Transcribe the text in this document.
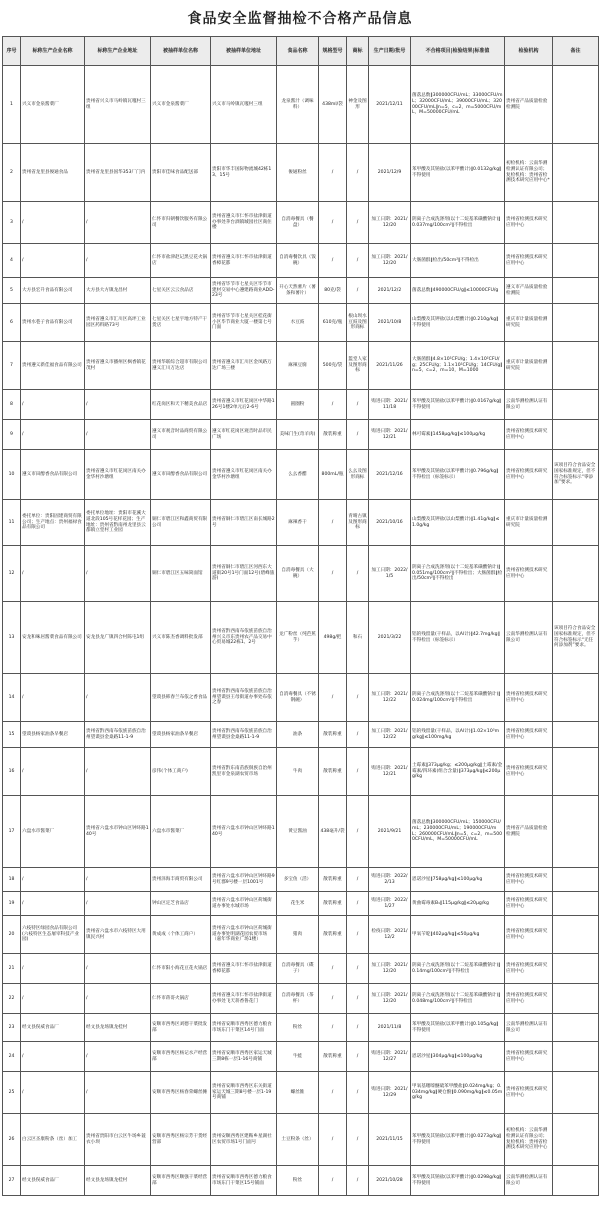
食品安全监督抽检不合格产品信息
序号	标称生产企业名称	标称生产企业地址	被抽样单位名称	被抽样单位地址	食品名称	规格型号	商标	生产日期/批号	不合格项目|检验结果|标准值	检验机构	备注
1	兴义市金泉酱菜厂	贵州省兴义市马岭镇瓦嘎村三组	兴义市金泉酱菜厂	兴义市马岭镇瓦嘎村三组	龙泉酱汁（调味料）	438ml/袋	神金及图形	2021/12/11	菌落总数‖300000CFU/mL；33000CFU/mL；32000CFU/mL；39000CFU/mL；32000CFU/mL‖n=5，c=2，m=5000CFU/mL，M=50000CFU/mL	贵州省产品质量检验检测院	
2	贵州省龙里县俊通食品	贵州省龙里县国华353厂门内	贵阳市佳味食品配送部	贵阳市华丰国际物流城42栋13、15号	俊通粉丝	/	/	2021/12/9	苯甲酸及其钠盐(以苯甲酸计)‖0.0132g/kg‖不得使用	初检机构：云南华测检测认证有限公司；复检机构：贵州省检测技术研究应用中心*	
3	/	/	仁怀市归朝餐饮服务有限公司	贵州省遵义市仁怀市盐津街道办事处茅台酒镇城园社区商住楼	自消毒餐具（餐盘）	/	/	加工日期：2021/12/20	阴离子合成洗涤剂(以十二烷基苯磺酸钠计)‖0.037mg/100cm²‖不得检出	贵州省检测技术研究应用中心	
4	/	/	仁怀市盐津赵记黑豆花火锅店	贵州省遵义市仁怀市盐津街道香樟花都	自消毒餐饮具（饭碗）	/	/	加工日期：2021/12/20	大肠菌群‖检出/50cm²‖不得检出	贵州省检测技术研究应用中心	
5	大方县宏升食品有限公司	大方县大方镇龙昌村	七星关区云云食品店	贵州省毕节市七星关区毕节市建材交易中心遵建路商业ADD-23号	开心天然薯片（薯条和薯片）	80克/袋	/	2021/12/2	菌落总数‖490000CFU/g‖≤10000CFU/g	遵义市产品质量检验检测院	
6	贵州水巷子食品有限公司	贵州省遵义市汇川区高坪工业园区药料路73号	七星关区七星宇地方特产干货店	贵州省毕节市七星关区桂花街小区毕节商业大厦一楼第七号门面	水豆豉	610克/瓶	根山坝水豆豉及图形商标	2021/10/8	山梨酸及其钾盐(以山梨酸计)‖0.210g/kg‖不得使用	重庆市计量质量检测研究院	
7	贵州遵义新佳福食品有限公司	贵州省遵义市播州区枫香镇花茂村	贵州华联综合超市有限公司遵义汇川万达店	贵州省遵义市汇川区金凤路万达广场三楼	麻辣豆腐	500克/袋	篮堂人家及图形商标	2021/11/26	大肠菌群‖4.8×10²CFU/g；1.4×10²CFU/g；25CFU/g；1.1×10²CFU/g；14CFU/g‖n=5，c=2，m=10，M=1000	重庆市计量质量检测研究院	
8	/	/	红花岗区和天下精美食品店	贵州省遵义市红花岗区中华路126号1楼2单元后2-6号	圆圈粉	/	/	购进日期：2021/11/18	苯甲酸及其钠盐(以苯甲酸计)‖0.0167g/kg‖不得使用	云南华测检测认证有限公司	
9	/	/	遵义市观音时品商贸有限公司	遵义市红花岗区观音时品市民广场	美味门生(奇羊肉)	散装称重	/	购进日期：2021/12/21	林可霉素‖1458μg/kg‖≤100μg/kg	贵州省检测技术研究应用中心	
10	遵义市田醇香食品有限公司	贵州省遵义市红花岗区南关办金华村沙塘组	遵义市田醇香食品有限公司	贵州省遵义市红花岗区南关办金华村沙塘组	么幺香醋	800mL/瓶	么幺及图形商标	2021/12/16	苯甲酸及其钠盐(以苯甲酸计)‖0.796g/kg‖不得检出（标签标示）	贵州省检测技术研究应用中心	该项目符合食品安全国家标准规定，但不符合标签标示“零添加”要求。
11	委托单位：贵阳固建商贸有限公司；生产地点：贵州福禄食品有限公司	委托单位地址：贵阳市花溪大道北段105号花样花园；生产地址：贵州省黔南州龙里县云都镇立堂村工业园	铜仁市碧江区和鑫商贸有限公司	贵州省铜仁市碧江区南长城路2号	麻辣香干	/	青晴古镇及图形商标	2021/10/16	山梨酸及其钾盐(以山梨酸计)‖1.41g/kg‖≤1.0g/kg	重庆市计量质量检测研究院	
12	/	/	铜仁市碧江区五味简面馆	贵州省铜仁市碧江区河西东大道街20号1号门面12号(碧峰旅游)	自消毒餐具（大碗）	/	/	加工日期：2022/1/5	阴离子合成洗涤剂(以十二烷基苯磺酸钠计)‖0.051mg/100cm²‖不得检出；大肠菌群‖检出/50cm²‖不得检出	贵州省检测技术研究应用中心	
13	安龙和味居酱菜食品有限公司	安龙县龙广镇四合村陈屯1组	兴义市陈杰香调料批发部	贵州省黔西南布依族苗族自治州兴义市东贵州农产品交易中心贸易城22栋1、2号	龙广粉丝（纯芭蕉芋）	498g/把	和石	2021/3/22	铝的残留量(干样品，以Al计)‖42.7mg/kg‖不得检出（标签标示）	云南华测检测认证有限公司	该项目符合食品安全国家标准规定，但不符合标签标示“无任何添加剂”要求。
14	/	/	望谟县韩春兰布依之香食品	贵州省黔西南布依族苗族自治州望谟县王母街道办事处布依之春	自消毒餐具（不锈钢碗）	/	/	加工日期：2021/12/22	阴离子合成洗涤剂(以十二烷基苯磺酸钠计)‖0.024mg/100cm²‖不得检出	贵州省检测技术研究应用中心	
15	望谟县杨家油条早餐店	贵州省黔西南布依族苗族自治州望谟县金桑路11-1-9	望谟县杨家油条早餐店	贵州省黔西南布依族苗族自治州望谟县金桑路11-1-9	油条	散装称重	/	加工日期：2021/12/22	铝的残留量(干样品，以Al计)‖1.02×10³mg/kg‖≤100mg/kg	贵州省检测技术研究应用中心	
16	/	/	彦伟(个体工商户)	贵州省黔东南苗族侗族自治州凯里市金泉湖农贸市场	牛肉	散装称重	/	购进日期：2021/12/21	土霉素‖373μg/kg；≤200μg/kg‖土霉素/金霉素/四环素(组合含量)‖373μg/kg‖≤200μg/kg	贵州省检测技术研究应用中心	
17	六盘水市酱菜厂	贵州省六盘水市钟山区钟环路140号	六盘水市酱菜厂	贵州省六盘水市钟山区钟环路140号	黄豆酱油	438毫升/袋	/	2021/9/21	菌落总数‖300000CFU/mL；150000CFU/mL；230000CFU/mL；190000CFU/mL；260000CFU/mL‖n=5，c=2，m=5000CFU/mL，M=50000CFU/mL	贵州省产品质量检验检测院	
18	/	/	贵州泽海丰商贸有限公司	贵州省六盘水市钟山区钟环路9号红郡9号楼一层1001号	多宝鱼（活）	散装称重	/	购进日期：2022/2/13	恩诺沙星‖758μg/kg‖≤100μg/kg	贵州省检测技术研究应用中心	
19	/	/	钟山区定芝食品店	贵州省六盘水市钟山区荷城街道办事处水城市场	花生米	散装称重	/	购进日期：2022/1/27	黄曲霉毒素B₁‖115μg/kg‖≤20μg/kg	贵州省检测技术研究应用中心	
20	六枝特区绿园食品有限公司(六枝特区生态屠宰科技产业园)	贵州省六盘水市六枝特区大用镇民兴村	黄成成（个体工商户）	贵州省六盘水市钟山区荷城街道办事处明湖花园农贸市场（嘉年华商业广场1楼）	猪肉	散装称重	/	检疫日期：2021/12/2	甲氧苄啶‖402μg/kg‖≤50μg/kg	贵州省检测技术研究应用中心	
21	/	/	仁怀市阳小海花豆花火锅店	贵州省遵义市仁怀市盐津街道香樟花都	自消毒餐具（碟子）	/	/	加工日期：2021/12/20	阴离子合成洗涤剂(以十二烷基苯磺酸钠计)‖0.14mg/100cm²‖不得检出	贵州省检测技术研究应用中心	
22	/	/	仁怀市蒋哥火锅店	贵州省遵义市仁怀市盐津街道办事处飞天蒋香鲁花门	自消毒餐具（茶杯）	/	/	加工日期：2021/12/20	阴离子合成洗涤剂(以十二烷基苯磺酸钠计)‖0.048mg/100cm²‖不得检出	贵州省检测技术研究应用中心	
23	经文县俣威食品厂	经文县龙场镇龙桂村	安顺市西秀区刘德干菜批发部	贵州省安顺市西秀区德力粮食市场东门干菜区14号门面	粉丝	/	/	2021/11/8	苯甲酸及其钠盐(以苯甲酸计)‖0.105g/kg‖不得使用	云南华测检测认证有限公司	
24	/	/	安顺市西秀区杨记水产经营部	贵州省安顺市西秀区家运天城三期8栋一层1-16号商铺	牛蛙	散装称重	/	购进日期：2021/12/27	恩诺沙星‖304μg/kg‖≤100μg/kg	贵州省检测技术研究应用中心	
25	/	/	安顺市西秀区杨春荣螺丝摊	贵州省安顺市西秀区东关街道家运天城三期8号楼一层1-19号商铺	螺丝锥	/	/	购进日期：2021/12/29	甲氧基噻嗪醚硫苯甲酸盐‖0.024mg/kg；0.034mg/kg‖硬仓酚‖0.090mg/kg‖≤0.05mg/kg	贵州省检测技术研究应用中心	
26	白云区圣康粉条（丝）加工	贵州省贵阳市白云区牛场乡蓑衣小坝	安顺市西秀区杨宗芳干货经营部	贵州安顺西秀区建鞍乡星湖社区农贸市场1号门面号	土豆粉条（丝）	/	/	2021/11/15	苯甲酸及其钠盐(以苯甲酸计)‖0.0273g/kg‖不得使用	初检机构：云南华测检测认证有限公司；复检机构：贵州省检测技术研究应用中心	
27	经文县俣威食品厂	经文县龙场镇龙桂村	安顺市西秀区顺强干菜经营部	贵州省安顺市西秀区德力粮食市场东门干菜区15号铺面	粉丝	/	/	2021/10/28	苯甲酸及其钠盐(以苯甲酸计)‖0.0298g/kg‖不得使用	云南华测检测认证有限公司	
